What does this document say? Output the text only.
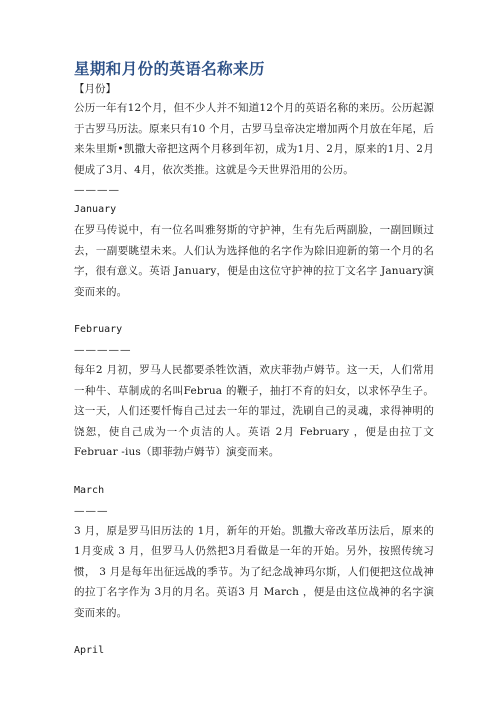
星期和月份的英语名称来历

【月份】

公历一年有12个月，但不少人并不知道12个月的英语名称的来历。公历起源于古罗马历法。原来只有10 个月，古罗马皇帝决定增加两个月放在年尾，后来朱里斯•凯撒大帝把这两个月移到年初，成为1月、2月，原来的1月、2月便成了3月、4月，依次类推。这就是今天世界沿用的公历。

————

January

在罗马传说中，有一位名叫雅努斯的守护神，生有先后两副脸，一副回顾过去，一副要眺望未来。人们认为选择他的名字作为除旧迎新的第一个月的名字，很有意义。英语 January，便是由这位守护神的拉丁文名字 January演变而来的。

February

—————

每年2 月初，罗马人民都要杀牲饮酒，欢庆菲勃卢姆节。这一天，人们常用一种牛、草制成的名叫Februa 的鞭子，抽打不育的妇女，以求怀孕生子。这一天，人们还要忏悔自己过去一年的罪过，洗刷自己的灵魂，求得神明的饶恕，使自己成为一个贞洁的人。英语 2月 February ，便是由拉丁文Februar -ius（即菲勃卢姆节）演变而来。

March

———

3 月，原是罗马旧历法的 1月，新年的开始。凯撒大帝改革历法后，原来的 1月变成 3 月，但罗马人仍然把3月看做是一年的开始。另外，按照传统习惯， 3 月是每年出征远战的季节。为了纪念战神玛尔斯，人们便把这位战神的拉丁名字作为 3月的月名。英语3 月 March ，便是由这位战神的名字演变而来的。

April
